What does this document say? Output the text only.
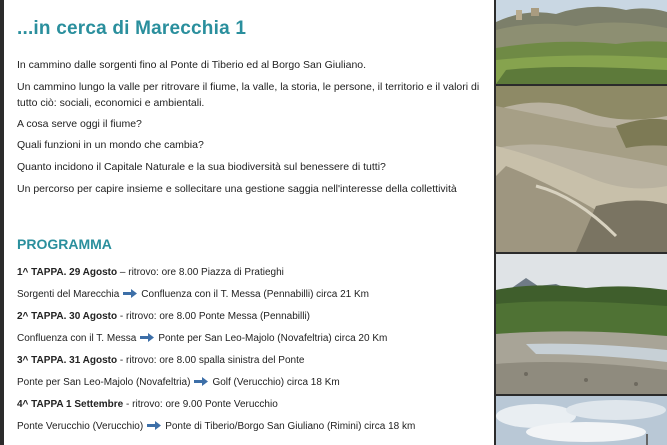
...in cerca di Marecchia 1

In cammino dalle sorgenti fino al Ponte di Tiberio ed al Borgo San Giuliano.

Un cammino lungo la valle per ritrovare il fiume, la valle, la storia, le persone, il territorio e il valori di tutto ciò: sociali, economici e ambientali.

A cosa serve oggi il fiume?

Quali funzioni in un mondo che cambia?

Quanto incidono il Capitale Naturale e la sua biodiversità sul benessere di tutti?

Un percorso per capire insieme e sollecitare una gestione saggia nell'interesse della collettività

PROGRAMMA

1^ TAPPA. 29 Agosto – ritrovo: ore 8.00 Piazza di Pratieghi

Sorgenti del Marecchia Confluenza con il T. Messa (Pennabilli) circa 21 Km

2^ TAPPA. 30 Agosto - ritrovo: ore 8.00 Ponte Messa (Pennabilli)

Confluenza con il T. Messa Ponte per San Leo-Majolo (Novafeltria) circa 20 Km

3^ TAPPA. 31 Agosto - ritrovo: ore 8.00 spalla sinistra del Ponte

Ponte per San Leo-Majolo (Novafeltria) Golf (Verucchio) circa 18 Km

4^ TAPPA 1 Settembre - ritrovo: ore 9.00 Ponte Verucchio

Ponte Verucchio (Verucchio) Ponte di Tiberio/Borgo San Giuliano (Rimini) circa 18 km
